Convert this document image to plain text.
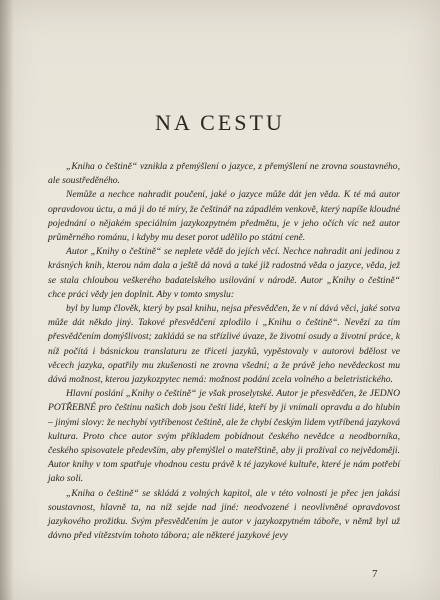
NA CESTU

„Kniha o češtině“ vznikla z přemýšlení o jazyce, z přemýšlení ne zrovna soustavného, ale soustředěného.

Nemůže a nechce nahradit poučení, jaké o jazyce může dát jen věda. K té má autor opravdovou úctu, a má ji do té míry, že češtinář na západlém venkově, který napíše kloudné pojednání o nějakém speciálním jazykozpytném předmětu, je v jeho očích víc než autor průměrného románu, i kdyby mu deset porot udělilo po státní ceně.

Autor „Knihy o češtině“ se neplete vědě do jejích věcí. Nechce nahradit ani jedinou z krásných knih, kterou nám dala a ještě dá nová a také již radostná věda o jazyce, věda, jež se stala chloubou veškerého badatelského usilování v národě. Autor „Knihy o češtině“ chce práci vědy jen doplnit. Aby v tomto smyslu:

byl by lump člověk, který by psal knihu, nejsa přesvědčen, že v ní dává věci, jaké sotva může dát někdo jiný. Takové přesvědčení zplodilo i „Knihu o češtině“. Nevězí za tím přesvědčením domýšlivost; zakládá se na střízlivé úvaze, že životní osudy a životní práce, k níž počítá i básnickou translaturu ze třiceti jazyků, vypěstovaly v autorovi bdělost ve věcech jazyka, opatřily mu zkušenosti ne zrovna všední; a že právě jeho nevědeckost mu dává možnost, kterou jazykozpytec nemá: možnost podání zcela volného a beletristického.

Hlavní poslání „Knihy o češtině“ je však proselytské. Autor je přesvědčen, že JEDNO POTŘEBNÉ pro češtinu našich dob jsou čeští lidé, kteří by ji vnímali opravdu a do hlubin – jinými slovy: že nechybí vytříbenost češtině, ale že chybí českým lidem vytříbená jazyková kultura. Proto chce autor svým příkladem pobídnout českého nevědce a neodborníka, českého spisovatele především, aby přemýšlel o mateřštině, aby ji prožíval co nejvědoměji. Autor knihy v tom spatřuje vhodnou cestu právě k té jazykové kultuře, které je nám potřebí jako soli.

„Kniha o češtině“ se skládá z volných kapitol, ale v této volnosti je přec jen jakási soustavnost, hlavně ta, na níž sejde nad jiné: neodvozené i neovlivněné opravdovost jazykového prožitku. Svým přesvědčením je autor v jazykozpytném táboře, v němž byl už dávno před vítězstvím tohoto tábora; ale některé jazykové jevy

7
